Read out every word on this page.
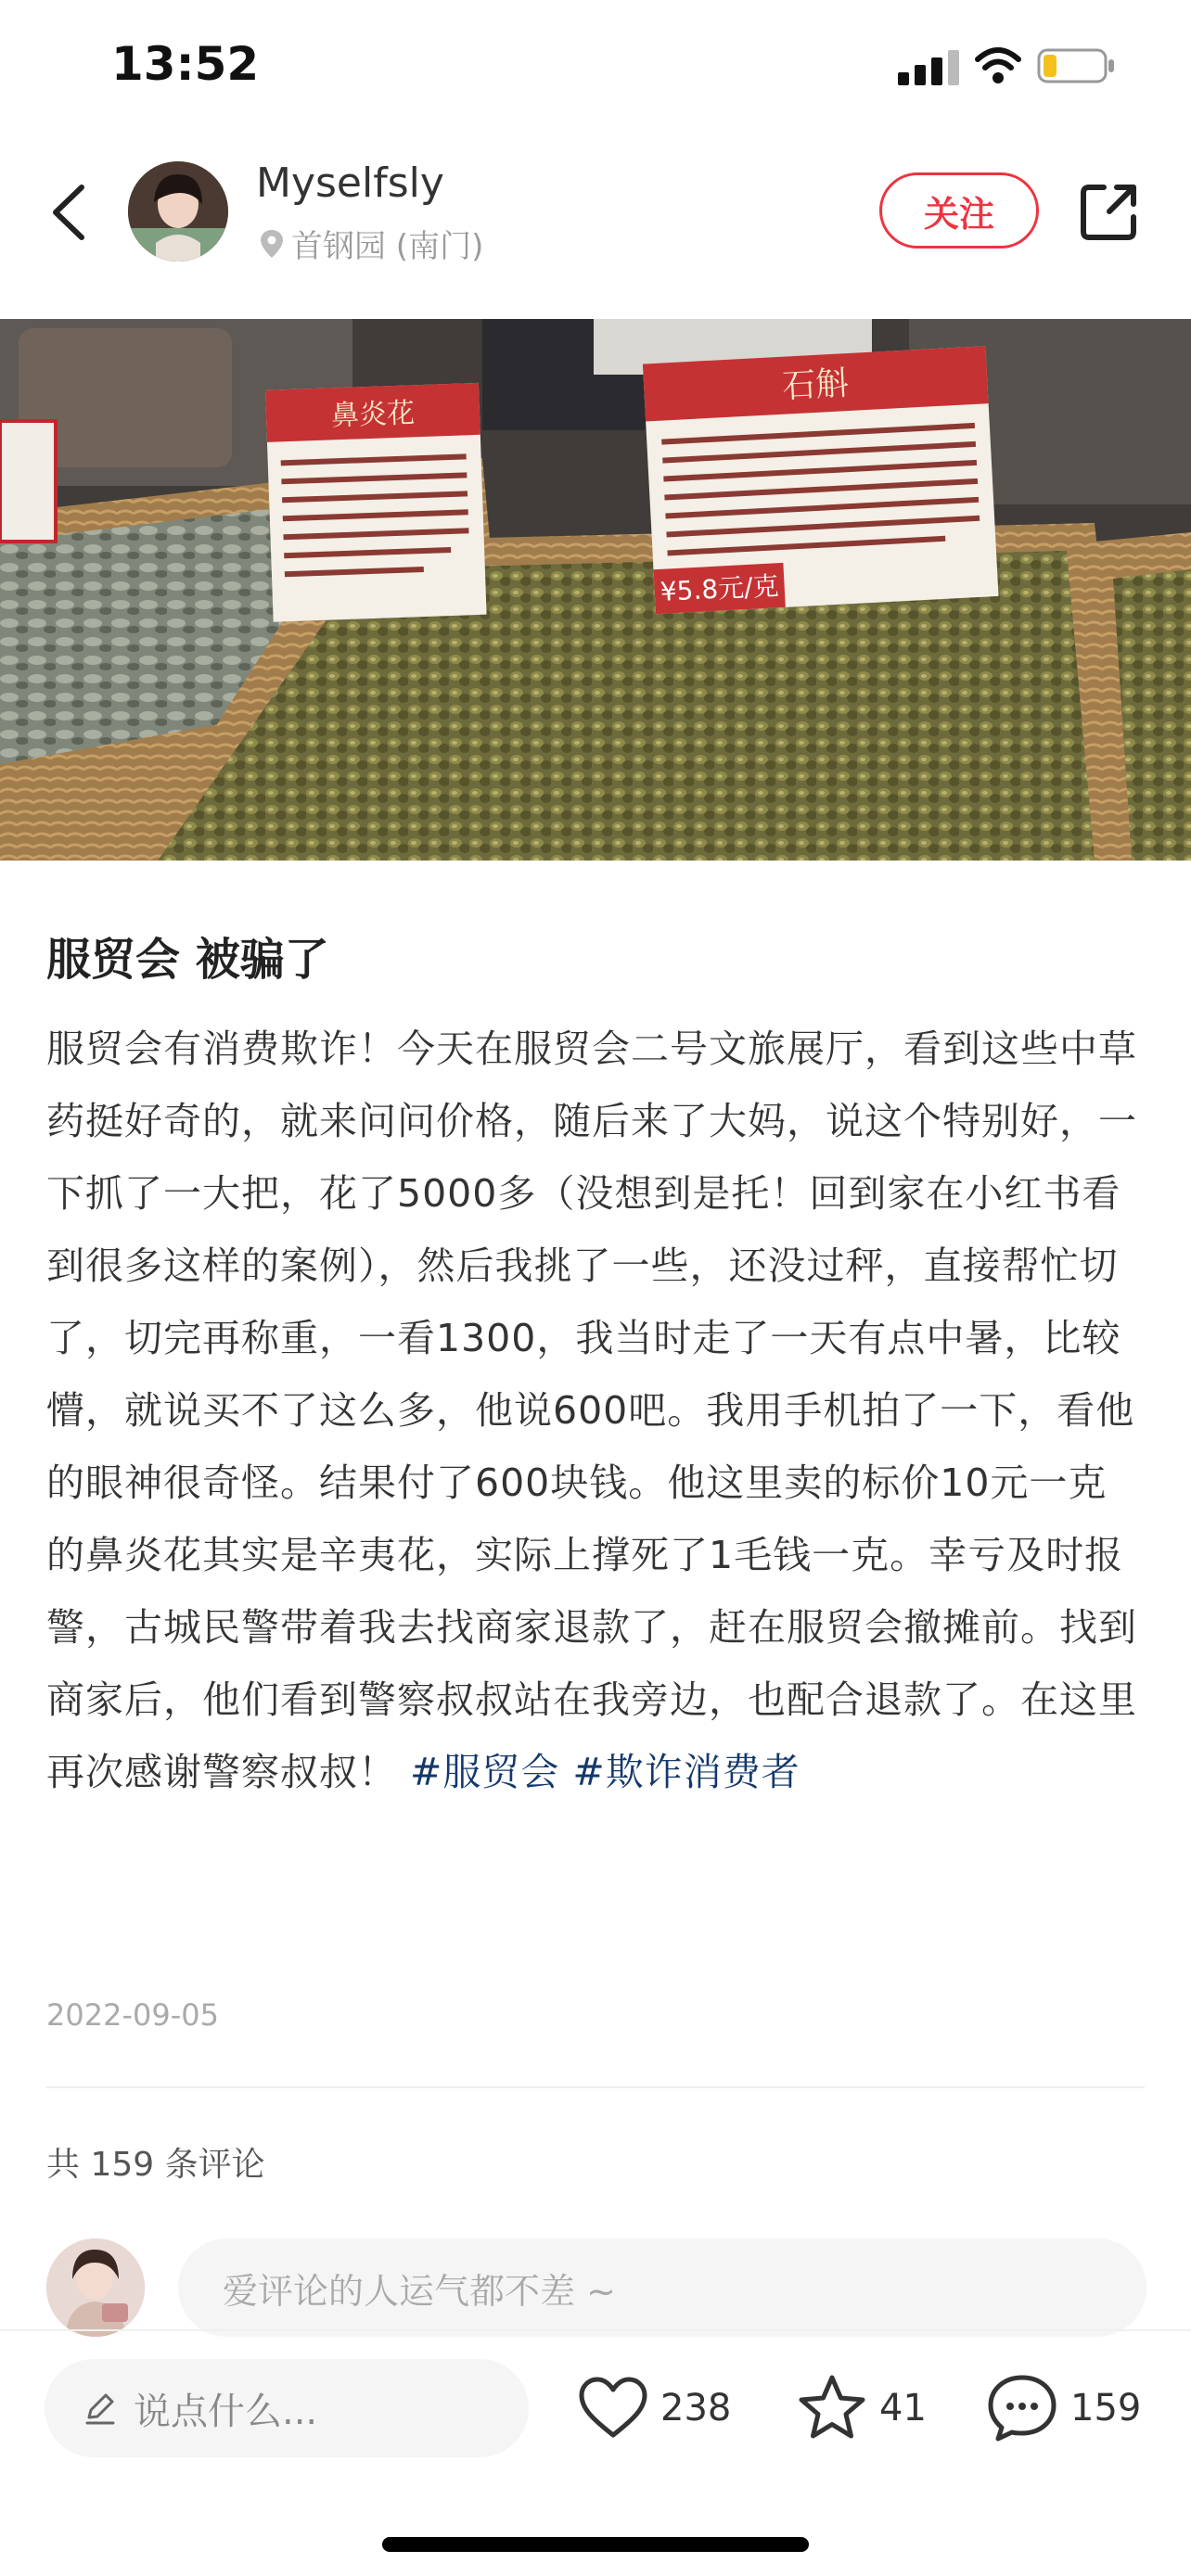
13:52
Myselfsly
首钢园 (南门)
关注
鼻炎花
石斛
¥5.8元/克
服贸会 被骗了
服贸会有消费欺诈！今天在服贸会二号文旅展厅，看到这些中草药挺好奇的，就来问问价格，随后来了大妈，说这个特别好，一下抓了一大把，花了5000多（没想到是托！回到家在小红书看到很多这样的案例），然后我挑了一些，还没过秤，直接帮忙切了，切完再称重，一看1300，我当时走了一天有点中暑，比较懵，就说买不了这么多，他说600吧。我用手机拍了一下，看他的眼神很奇怪。结果付了600块钱。他这里卖的标价10元一克的鼻炎花其实是辛夷花，实际上撑死了1毛钱一克。幸亏及时报警，古城民警带着我去找商家退款了，赶在服贸会撤摊前。找到商家后，他们看到警察叔叔站在我旁边，也配合退款了。在这里再次感谢警察叔叔！ #服贸会 #欺诈消费者
2022-09-05
共 159 条评论
爱评论的人运气都不差 ~
说点什么...	238	41	159
